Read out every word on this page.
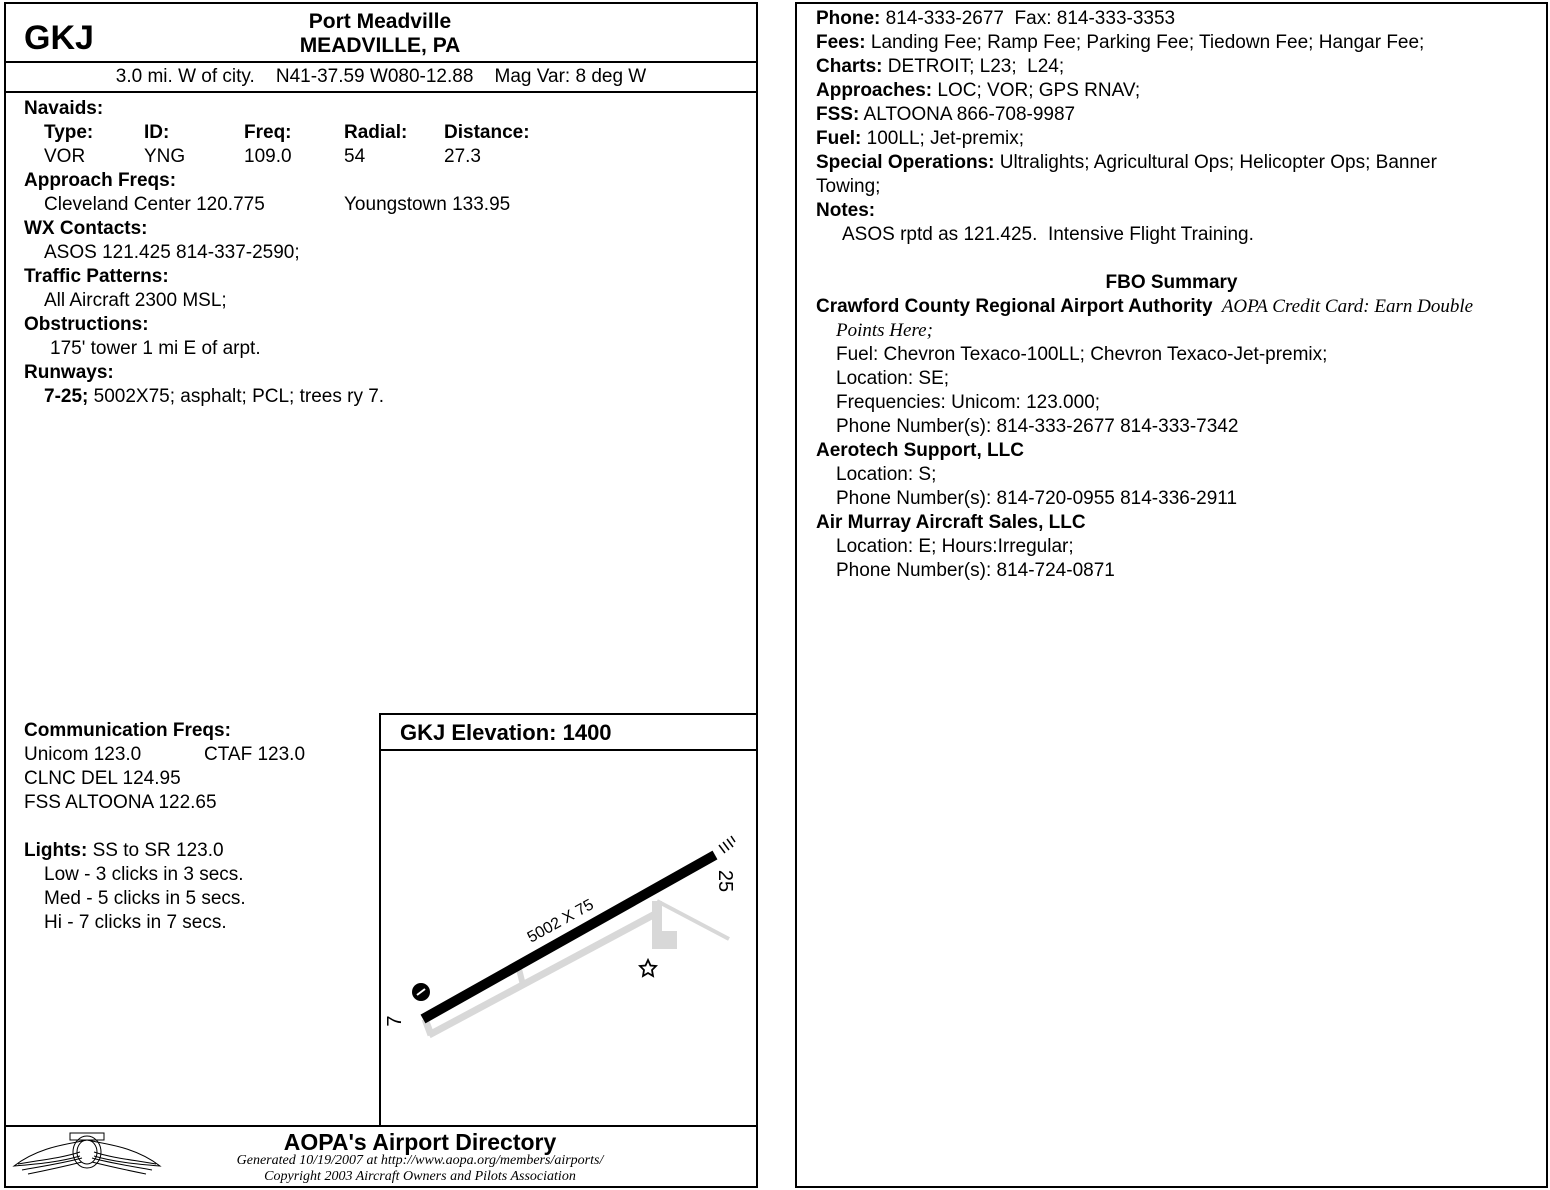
GKJ	Port Meadville
MEADVILLE, PA
3.0 mi. W of city.    N41-37.59 W080-12.88    Mag Var: 8 deg W
Navaids:
Type:	ID:	Freq:	Radial: Distance:
VOR	YNG	109.0	54	27.3
Approach Freqs:
Cleveland Center 120.775	Youngstown 133.95
WX Contacts:
ASOS 121.425 814-337-2590;
Traffic Patterns:
All Aircraft 2300 MSL;
Obstructions:
175' tower 1 mi E of arpt.
Runways:
7-25; 5002X75; asphalt; PCL; trees ry 7.
Communication Freqs:
Unicom 123.0	CTAF 123.0
CLNC DEL 124.95
FSS ALTOONA 122.65
Lights: SS to SR 123.0
Low - 3 clicks in 3 secs.
Med - 5 clicks in 5 secs.
Hi - 7 clicks in 7 secs.
GKJ Elevation: 1400
5002 X 75
7
25
AOPA's Airport Directory
Generated 10/19/2007 at http://www.aopa.org/members/airports/
Copyright 2003 Aircraft Owners and Pilots Association
Phone: 814-333-2677  Fax: 814-333-3353
Fees: Landing Fee; Ramp Fee; Parking Fee; Tiedown Fee; Hangar Fee;
Charts: DETROIT; L23;  L24;
Approaches: LOC; VOR; GPS RNAV;
FSS: ALTOONA 866-708-9987
Fuel: 100LL; Jet-premix;
Special Operations: Ultralights; Agricultural Ops; Helicopter Ops; Banner
Towing;
Notes:
ASOS rptd as 121.425.  Intensive Flight Training.
FBO Summary
Crawford County Regional Airport Authority AOPA Credit Card: Earn Double
Points Here;
Fuel: Chevron Texaco-100LL; Chevron Texaco-Jet-premix;
Location: SE;
Frequencies: Unicom: 123.000;
Phone Number(s): 814-333-2677 814-333-7342
Aerotech Support, LLC
Location: S;
Phone Number(s): 814-720-0955 814-336-2911
Air Murray Aircraft Sales, LLC
Location: E; Hours:Irregular;
Phone Number(s): 814-724-0871
